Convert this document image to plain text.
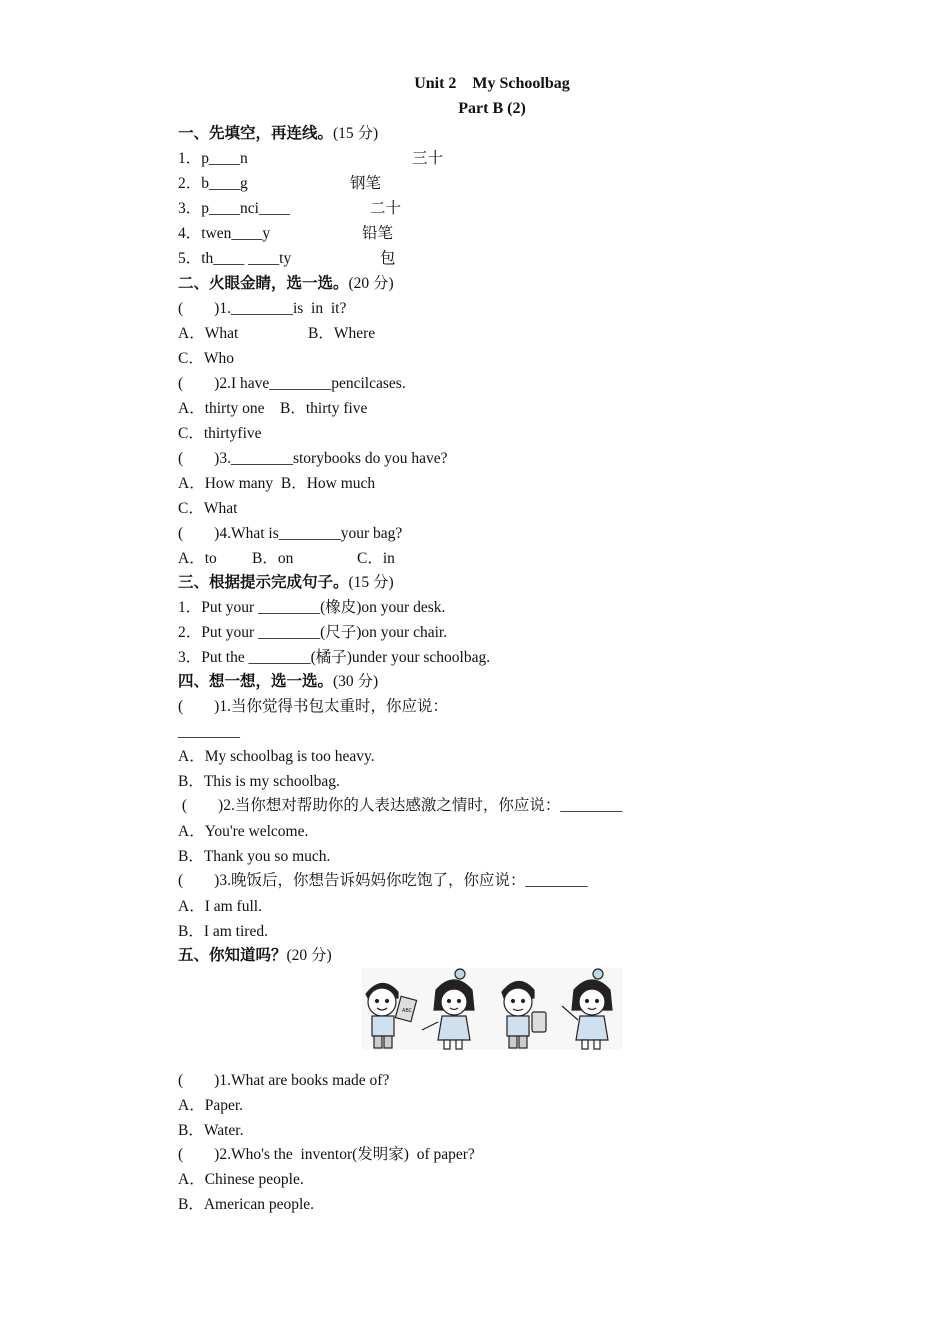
Unit 2    My Schoolbag
Part B (2)
一、先填空，再连线。(15 分)
1．p____n	三十
2．b____g	钢笔
3．p____nci____	二十
4．twen____y	铅笔
5．th____ ____ty	包
二、火眼金睛，选一选。(20 分)
(        )1.________is  in  it?
A．What	B．Where
C．Who
(        )2.I have________pencilcases.
A．thirty one    B．thirty five
C．thirtyfive
(        )3.________storybooks do you have?
A．How many  B．How much
C．What
(        )4.What is________your bag?
A．to B．on	C．in
三、根据提示完成句子。(15 分)
1．Put your ________(橡皮)on your desk.
2．Put your ________(尺子)on your chair.
3．Put the ________(橘子)under your schoolbag.
四、想一想，选一选。(30 分)
(        )1.当你觉得书包太重时，你应说：
________
A．My schoolbag is too heavy.
B．This is my schoolbag.
(        )2.当你想对帮助你的人表达感激之情时，你应说：________
A．You're welcome.
B．Thank you so much.
(        )3.晚饭后，你想告诉妈妈你吃饱了，你应说：________
A．I am full.
B．I am tired.
五、你知道吗？(20 分)
ABC
(        )1.What are books made of?
A．Paper.
B．Water.
(        )2.Who's the  inventor(发明家)  of paper?
A．Chinese people.
B．American people.
